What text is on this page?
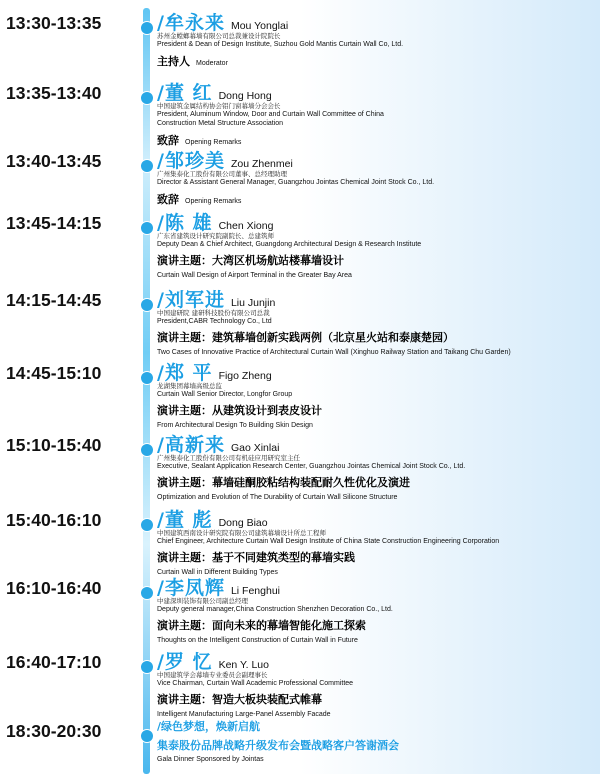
13:30-13:35	/牟永来 Mou Yonglai
苏州金螳螂幕墙有限公司总裁兼设计院院长
President & Dean of Design Institute, Suzhou Gold Mantis Curtain Wall Co, Ltd.
主持人 Moderator
13:35-13:40	/董 红 Dong Hong
中国建筑金属结构协会铝门窗幕墙分会会长
President, Aluminum Window, Door and Curtain Wall Committee of China
Construction Metal Structure Association
致辞 Opening Remarks
13:40-13:45	/邹珍美 Zou Zhenmei
广州集泰化工股份有限公司董事、总经理助理
Director & Assistant General Manager, Guangzhou Jointas Chemical Joint Stock Co., Ltd.
致辞 Opening Remarks
13:45-14:15	/陈 雄 Chen Xiong
广东省建筑设计研究院副院长、总建筑师
Deputy Dean & Chief Architect, Guangdong Architectural Design & Research Institute
演讲主题：大湾区机场航站楼幕墙设计
Curtain Wall Design of Airport Terminal in the Greater Bay Area
14:15-14:45	/刘军进 Liu Junjin
中国建研院 建研科技股份有限公司总裁
President,CABR Technology Co., Ltd
演讲主题：建筑幕墙创新实践两例（北京星火站和泰康楚园）
Two Cases of Innovative Practice of Architectural Curtain Wall (Xinghuo Railway Station and Taikang Chu Garden)
14:45-15:10	/郑 平 Figo Zheng
龙湖集团幕墙高级总监
Curtain Wall Senior Director, Longfor Group
演讲主题：从建筑设计到表皮设计
From Architectural Design To Building Skin Design
15:10-15:40	/高新来 Gao Xinlai
广州集泰化工股份有限公司有机硅应用研究室主任
Executive, Sealant Application Research Center, Guangzhou Jointas Chemical Joint Stock Co., Ltd.
演讲主题：幕墙硅酮胶粘结构装配耐久性优化及演进
Optimization and Evolution of The Durability of Curtain Wall Silicone Structure
15:40-16:10	/董 彪 Dong Biao
中国建筑西南设计研究院有限公司建筑幕墙设计所总工程师
Chief Engineer, Architecture Curtain Wall Design Institute of China State Construction Engineering Corporation
演讲主题：基于不同建筑类型的幕墙实践
Curtain Wall in Different Building Types
16:10-16:40	/李凤辉 Li Fenghui
中建深圳装饰有限公司副总经理
Deputy general manager,China Construction Shenzhen Decoration Co., Ltd.
演讲主题：面向未来的幕墙智能化施工探索
Thoughts on the Intelligent Construction of Curtain Wall in Future
16:40-17:10	/罗 忆 Ken Y. Luo
中国建筑学会幕墙专业委员会副理事长
Vice Chairman, Curtain Wall Academic Professional Committee
演讲主题：智造大板块装配式帷幕
Intelligent Manufacturing Large-Panel Assembly Facade
18:30-20:30	/绿色梦想，焕新启航
集泰股份品牌战略升级发布会暨战略客户答谢酒会
Gala Dinner Sponsored by Jointas
